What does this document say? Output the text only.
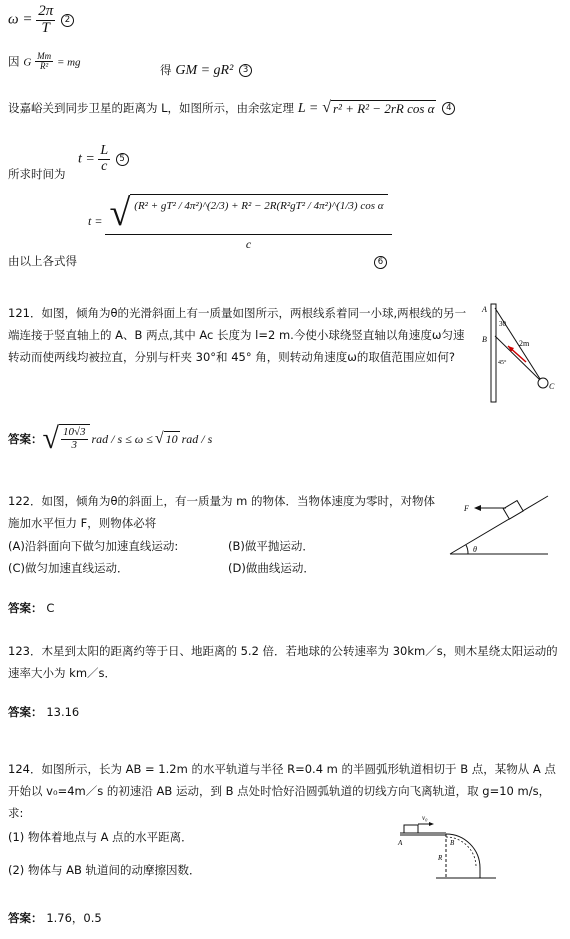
$\omega = \frac{2\pi}{T} 2$
因 G $\frac{Mm}{\text{R²}}$ = mg
得 GM = gR² 3
设嘉峪关到同步卫星的距离为 L，如图所示，由余弦定理 L = √ r² + R² − 2rR cos α 4
$t = \frac{L}{c} 5$
所求时间为
t = √ (R² + gT² / 4π²)^(2/3) + R² − 2R(R²gT² / 4π²)^(1/3) cos α
c
由以上各式得	6
121．如图，倾角为θ的光滑斜面上有一质量如图所示，两根线系着同一小球,两根线的另一端连接于竖直轴上的 A、B 两点,其中 Ac 长度为 l=2 m.今使小球绕竖直轴以角速度ω匀速转动而使两线均被拉直，分别与杆夹 30°和 45° 角，则转动角速度ω的取值范围应如何?
A
B
30
45°
2m
C
答案： √ $\frac{10√3}{3}$ rad / s ≤ ω ≤ √ 10 rad / s
122．如图，倾角为θ的斜面上，有一质量为 m 的物体．当物体速度为零时，对物体施加水平恒力 F，则物体必将
(A)沿斜面向下做匀加速直线运动:	(B)做平抛运动．
(C)做匀加速直线运动．	(D)做曲线运动．
F
θ
答案： C
123．木星到太阳的距离约等于日、地距离的 5.2 倍．若地球的公转速率为 30km／s，则木星绕太阳运动的速率大小为 km／s．
答案： 13.16
124．如图所示，长为 AB = 1.2m 的水平轨道与半径 R=0.4 m 的半圆弧形轨道相切于 B 点，某物从 A 点开始以 v₀=4m／s 的初速沿 AB 运动，到 B 点处时恰好沿圆弧轨道的切线方向飞离轨道，取 g=10 m/s，求:
(1) 物体着地点与 A 点的水平距离．
(2) 物体与 AB 轨道间的动摩擦因数．
v₀
A	B
R
答案： 1.76，0.5
